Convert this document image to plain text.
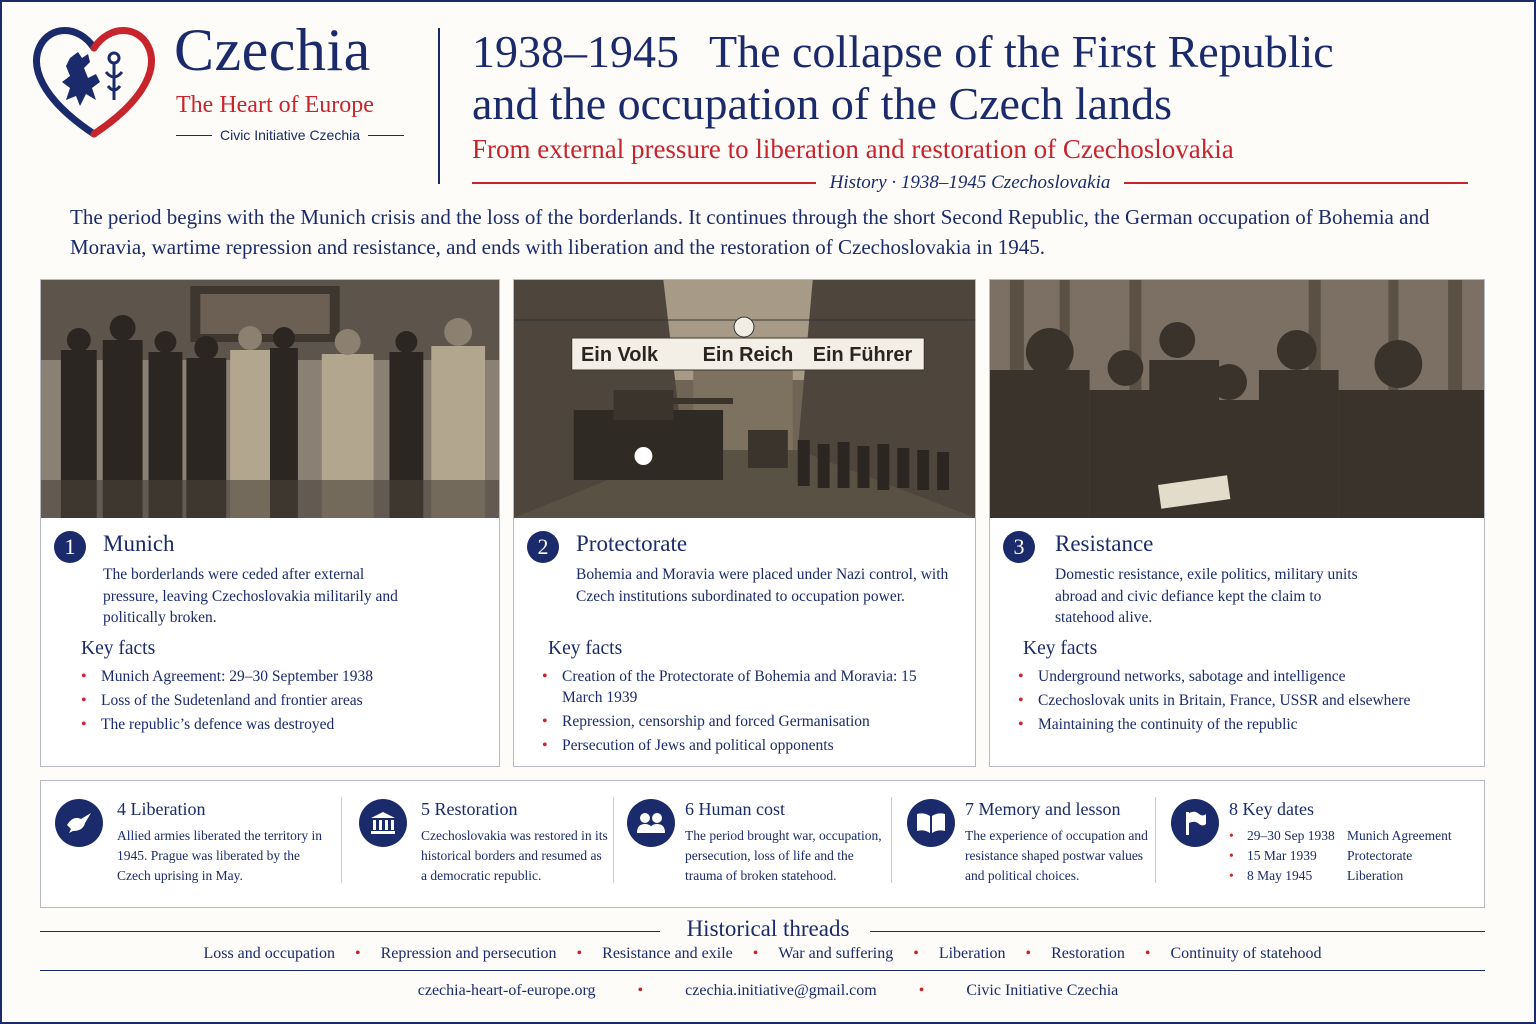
Czechia
The Heart of Europe
Civic Initiative Czechia
1938–1945 The collapse of the First Republic
and the occupation of the Czech lands
From external pressure to liberation and restoration of Czechoslovakia
History · 1938–1945 Czechoslovakia
The period begins with the Munich crisis and the loss of the borderlands. It continues through the short Second Republic, the German occupation of Bohemia and Moravia, wartime repression and resistance, and ends with liberation and the restoration of Czechoslovakia in 1945.
1	Munich
The borderlands were ceded after external pressure, leaving Czechoslovakia militarily and politically broken.
Key facts
• Munich Agreement: 29–30 September 1938
• Loss of the Sudetenland and frontier areas
• The republic’s defence was destroyed
Ein Volk Ein Reich Ein Führer
2	Protectorate
Bohemia and Moravia were placed under Nazi control, with Czech institutions subordinated to occupation power.
Key facts
• Creation of the Protectorate of Bohemia and Moravia: 15 March 1939
• Repression, censorship and forced Germanisation
• Persecution of Jews and political opponents
3	Resistance
Domestic resistance, exile politics, military units abroad and civic defiance kept the claim to statehood alive.
Key facts
• Underground networks, sabotage and intelligence
• Czechoslovak units in Britain, France, USSR and elsewhere
• Maintaining the continuity of the republic
4 Liberation
Allied armies liberated the territory in 1945. Prague was liberated by the Czech uprising in May.
5 Restoration
Czechoslovakia was restored in its historical borders and resumed as a democratic republic.
6 Human cost
The period brought war, occupation, persecution, loss of life and the trauma of broken statehood.
7 Memory and lesson
The experience of occupation and resistance shaped postwar values and political choices.
8 Key dates
• 29–30 Sep 1938 Munich Agreement
• 15 Mar 1939 Protectorate
• 8 May 1945	Liberation
Historical threads
Loss and occupation • Repression and persecution • Resistance and exile • War and suffering • Liberation • Restoration • Continuity of statehood
czechia-heart-of-europe.org	•	czechia.initiative@gmail.com	•	Civic Initiative Czechia
